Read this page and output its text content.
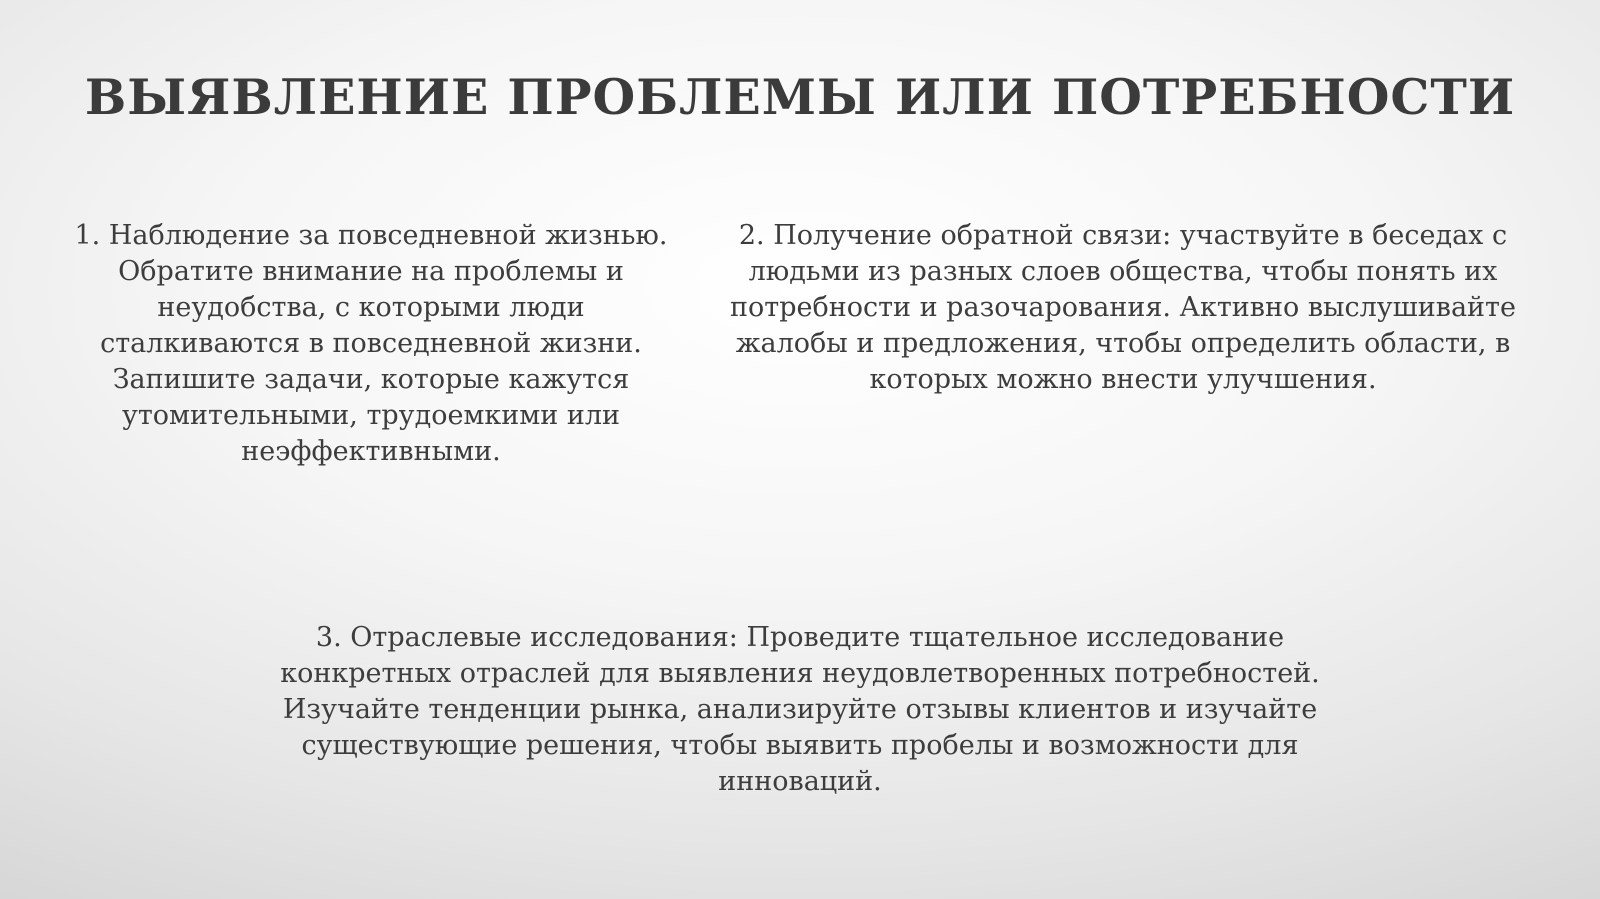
ВЫЯВЛЕНИЕ ПРОБЛЕМЫ ИЛИ ПОТРЕБНОСТИ
1. Наблюдение за повседневной жизнью. Обратите внимание на проблемы и неудобства, с которыми люди сталкиваются в повседневной жизни. Запишите задачи, которые кажутся утомительными, трудоемкими или неэффективными.
2. Получение обратной связи: участвуйте в беседах с людьми из разных слоев общества, чтобы понять их потребности и разочарования. Активно выслушивайте жалобы и предложения, чтобы определить области, в которых можно внести улучшения.
3. Отраслевые исследования: Проведите тщательное исследование конкретных отраслей для выявления неудовлетворенных потребностей. Изучайте тенденции рынка, анализируйте отзывы клиентов и изучайте существующие решения, чтобы выявить пробелы и возможности для инноваций.
